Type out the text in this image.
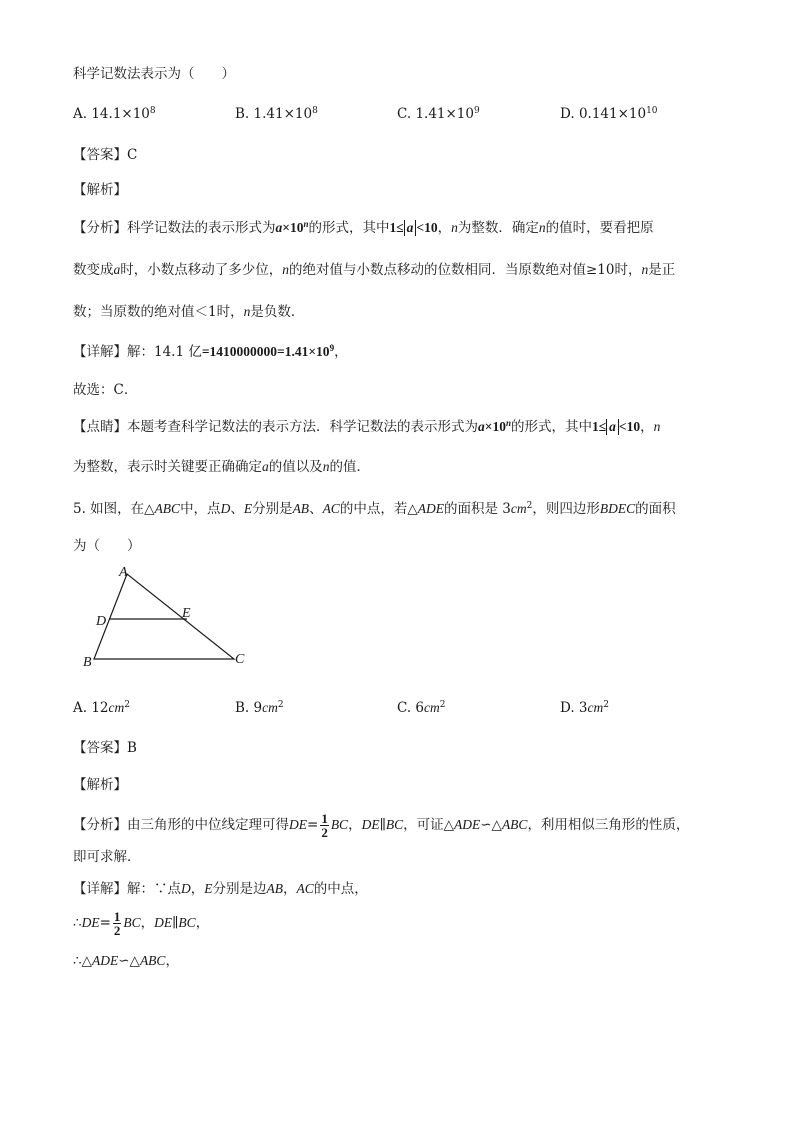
科学记数法表示为（　　）
A. $14.1\times 10^8$	B. $1.41\times 10^8$	C. $1.41\times 10^9$	D. $0.141\times 10^{10}$
【答案】C
【解析】
【分析】科学记数法的表示形式为$a\times 10^n$的形式，其中1≤ a <10，n为整数．确定n的值时，要看把原
数变成a时，小数点移动了多少位，n的绝对值与小数点移动的位数相同．当原数绝对值≥10时，n是正
数；当原数的绝对值＜1时，n是负数．
【详解】解：14.1 亿$=1410000000=1.41\times 10^9$，
故选：C．
【点睛】本题考查科学记数法的表示方法．科学记数法的表示形式为$a\times 10^n$的形式，其中1≤ a <10，n
为整数，表示时关键要正确确定a的值以及n的值．
5. 如图，在△ABC中，点D、E分别是AB、AC的中点，若△ADE的面积是 $3cm^2$，则四边形BDEC的面积
为（　　）
A
D
E
B	C
A. $12cm^2$	B. $9cm^2$	C. $6cm^2$	D. $3cm^2$
【答案】B
【解析】
【分析】由三角形的中位线定理可得$DE= \frac{1}{2}$ BC，DE∥BC，可证△ADE∽△ABC，利用相似三角形的性质，
即可求解．
【详解】解：∵点D，E分别是边AB，AC的中点，
∴DE= $\frac{1}{2}$ BC，DE∥BC，
∴△ADE∽△ABC，
